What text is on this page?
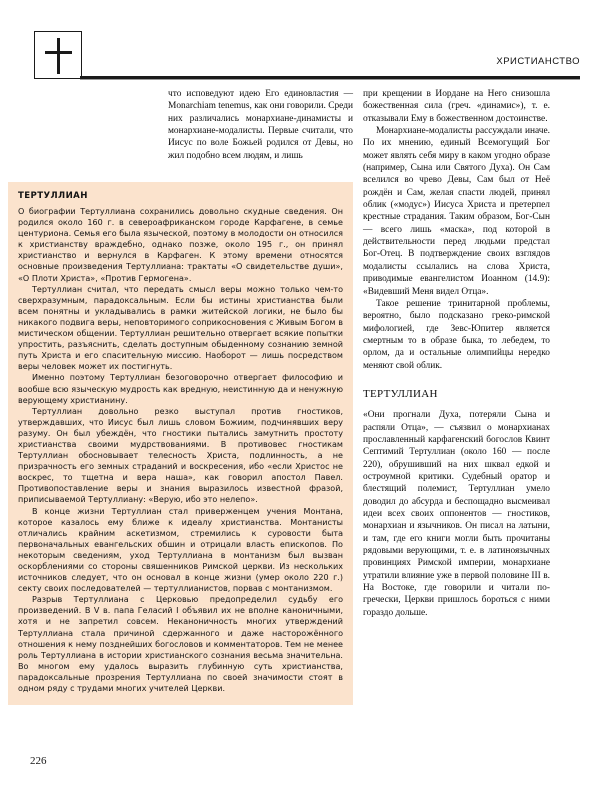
ХРИСТИАНСТВО

что исповедуют идею Его единовластия — Monarchiam tenemus, как они говорили. Среди них различались монархиане-динамисты и монархиане-модалисты. Первые считали, что Иисус по воле Божьей родился от Девы, но жил подобно всем людям, и лишь

при крещении в Иордане на Него снизошла божественная сила (греч. «динамис»), т. е. отказывали Ему в божественном достоинстве.

Монархиане-модалисты рассуждали иначе. По их мнению, единый Всемогущий Бог может являть себя миру в каком угодно образе (например, Сына или Святого Духа). Он Сам вселился во чрево Девы, Сам был от Неё рождён и Сам, желая спасти людей, принял облик («модус») Иисуса Христа и претерпел крестные страдания. Таким образом, Бог-Сын — всего лишь «маска», под которой в действительности перед людьми предстал Бог-Отец. В подтверждение своих взглядов модалисты ссылались на слова Христа, приводимые евангелистом Иоанном (14.9): «Видевший Меня видел Отца».

Такое решение тринитарной проблемы, вероятно, было подсказано греко-римской мифологией, где Зевс-Юпитер является смертным то в образе быка, то лебедем, то орлом, да и остальные олимпийцы нередко меняют свой облик.

ТЕРТУЛЛИАН

«Они прогнали Духа, потеряли Сына и распяли Отца», — съязвил о монархианах прославленный карфагенский богослов Квинт Септимий Тертуллиан (около 160 — после 220), обрушивший на них шквал едкой и остроумной критики. Судебный оратор и блестящий полемист, Тертуллиан умело доводил до абсурда и беспощадно высмеивал идеи всех своих оппонентов — гностиков, монархиан и язычников. Он писал на латыни, и там, где его книги могли быть прочитаны рядовыми верующими, т. е. в латиноязычных провинциях Римской империи, монархиане утратили влияние уже в первой половине III в. На Востоке, где говорили и читали по-гречески, Церкви пришлось бороться с ними гораздо дольше.

ТЕРТУЛЛИАН

О биографии Тертуллиана сохранились довольно скудные сведения. Он родился около 160 г. в североафриканском городе Карфагене, в семье центуриона. Семья его была языческой, поэтому в молодости он относился к христианству враждебно, однако позже, около 195 г., он принял христианство и вернулся в Карфаген. К этому времени относятся основные произведения Тертуллиана: трактаты «О свидетельстве души», «О Плоти Христа», «Против Гермогена».

Тертуллиан считал, что передать смысл веры можно только чем-то сверхразумным, парадоксальным. Если бы истины христианства были всем понятны и укладывались в рамки житейской логики, не было бы никакого подвига веры, неповторимого соприкосновения с Живым Богом в мистическом общении. Тертуллиан решительно отвергает всякие попытки упростить, разъяснить, сделать доступным обыденному сознанию земной путь Христа и его спасительную миссию. Наоборот — лишь посредством веры человек может их постигнуть.

Именно поэтому Тертуллиан безоговорочно отвергает философию и вообше всю языческую мудрость как вредную, неистинную да и ненужную верующему христианину.

Тертуллиан довольно резко выступал против гностиков, утверждавших, что Иисус был лишь словом Божиим, подчинявших веру разуму. Он был убеждён, что гностики пытались замутнить простоту христианства своими мудрствованиями. В противовес гностикам Тертуллиан обосновывает телесность Христа, подлинность, а не призрачность его земных страданий и воскресения, ибо «если Христос не воскрес, то тщетна и вера наша», как говорил апостол Павел. Противопоставление веры и знания выразилось известной фразой, приписываемой Тертуллиану: «Верую, ибо это нелепо».

В конце жизни Тертуллиан стал приверженцем учения Монтана, которое казалось ему ближе к идеалу христианства. Монтанисты отличались крайним аскетизмом, стремились к суровости быта первоначальных евангельских обшин и отрицали власть епископов. По некоторым сведениям, уход Тертуллиана в монтанизм был вызван оскорблениями со стороны свяшенников Римской церкви. Из нескольких источников следует, что он основал в конце жизни (умер около 220 г.) секту своих последователей — тертуллианистов, порвав с монтанизмом.

Разрыв Тертуллиана с Церковью предопределил судьбу его произведений. В V в. папа Геласий I объявил их не вполне каноничными, хотя и не запретил совсем. Неканоничность многих утверждений Тертуллиана стала причиной сдержанного и даже насторожённого отношения к нему позднейших богословов и комментаторов. Тем не менее роль Тертуллиана в истории христианского сознания весьма значительна. Во многом ему удалось выразить глубинную суть христианства, парадоксальные прозрения Тертуллиана по своей значимости стоят в одном ряду с трудами многих учителей Церкви.

226
